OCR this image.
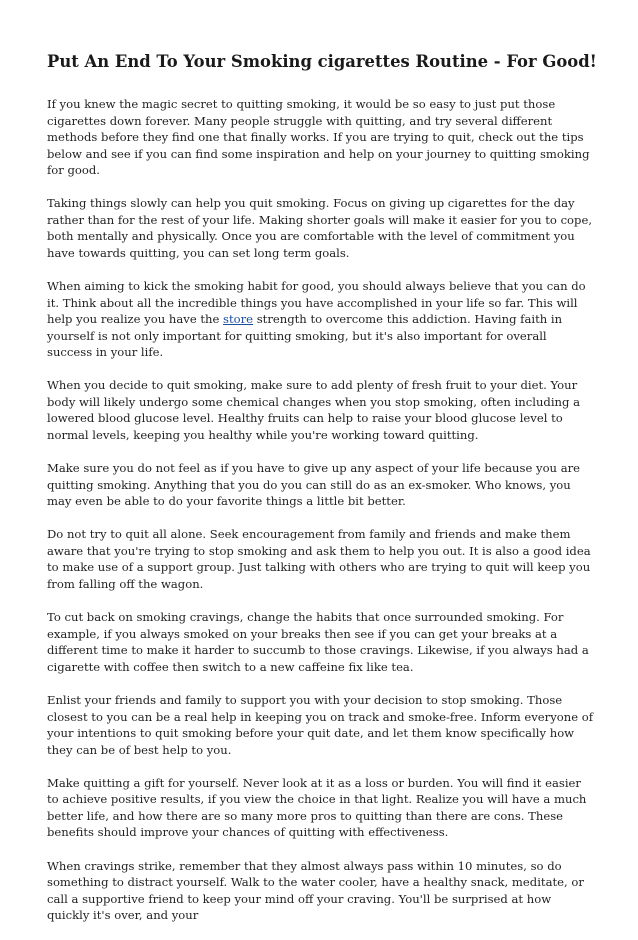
Put An End To Your Smoking cigarettes Routine - For Good!

If you knew the magic secret to quitting smoking, it would be so easy to just put those cigarettes down forever. Many people struggle with quitting, and try several different methods before they find one that finally works. If you are trying to quit, check out the tips below and see if you can find some inspiration and help on your journey to quitting smoking for good.

Taking things slowly can help you quit smoking. Focus on giving up cigarettes for the day rather than for the rest of your life. Making shorter goals will make it easier for you to cope, both mentally and physically. Once you are comfortable with the level of commitment you have towards quitting, you can set long term goals.

When aiming to kick the smoking habit for good, you should always believe that you can do it. Think about all the incredible things you have accomplished in your life so far. This will help you realize you have the store strength to overcome this addiction. Having faith in yourself is not only important for quitting smoking, but it's also important for overall success in your life.

When you decide to quit smoking, make sure to add plenty of fresh fruit to your diet. Your body will likely undergo some chemical changes when you stop smoking, often including a lowered blood glucose level. Healthy fruits can help to raise your blood glucose level to normal levels, keeping you healthy while you're working toward quitting.

Make sure you do not feel as if you have to give up any aspect of your life because you are quitting smoking. Anything that you do you can still do as an ex-smoker. Who knows, you may even be able to do your favorite things a little bit better.

Do not try to quit all alone. Seek encouragement from family and friends and make them aware that you're trying to stop smoking and ask them to help you out. It is also a good idea to make use of a support group. Just talking with others who are trying to quit will keep you from falling off the wagon.

To cut back on smoking cravings, change the habits that once surrounded smoking. For example, if you always smoked on your breaks then see if you can get your breaks at a different time to make it harder to succumb to those cravings. Likewise, if you always had a cigarette with coffee then switch to a new caffeine fix like tea.

Enlist your friends and family to support you with your decision to stop smoking. Those closest to you can be a real help in keeping you on track and smoke-free. Inform everyone of your intentions to quit smoking before your quit date, and let them know specifically how they can be of best help to you.

Make quitting a gift for yourself. Never look at it as a loss or burden. You will find it easier to achieve positive results, if you view the choice in that light. Realize you will have a much better life, and how there are so many more pros to quitting than there are cons. These benefits should improve your chances of quitting with effectiveness.

When cravings strike, remember that they almost always pass within 10 minutes, so do something to distract yourself. Walk to the water cooler, have a healthy snack, meditate, or call a supportive friend to keep your mind off your craving. You'll be surprised at how quickly it's over, and your
